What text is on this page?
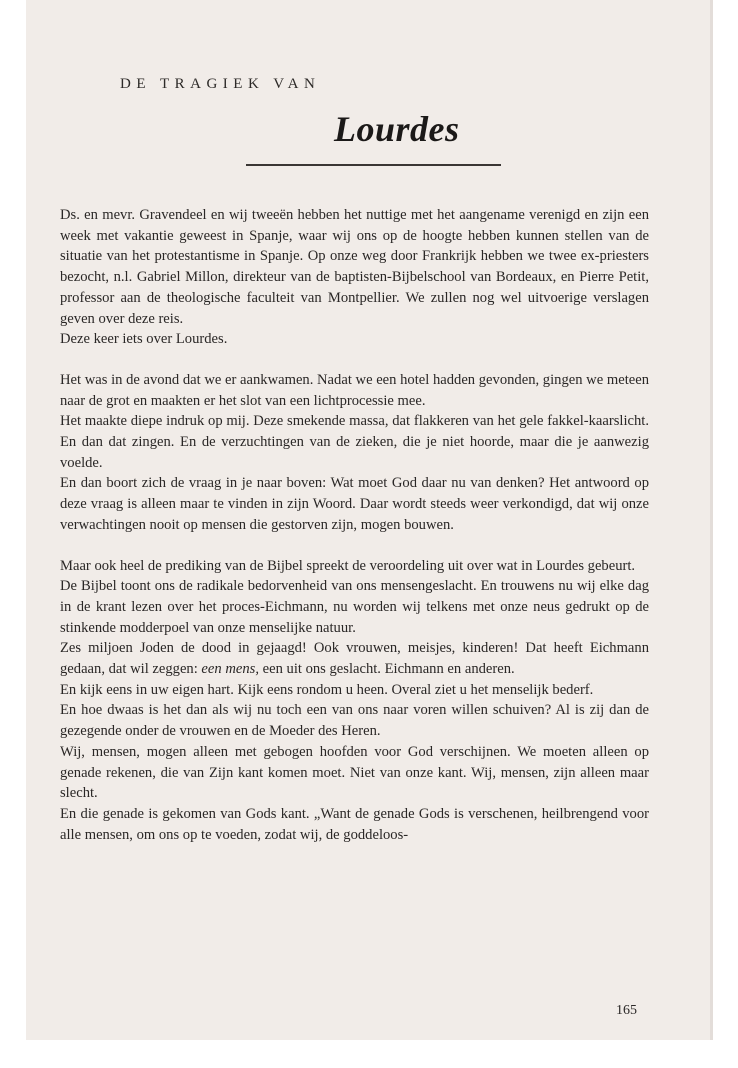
DE TRAGIEK VAN
Lourdes

Ds. en mevr. Gravendeel en wij tweeën hebben het nuttige met het aangename verenigd en zijn een week met vakantie geweest in Spanje, waar wij ons op de hoogte hebben kunnen stellen van de situatie van het protestantisme in Spanje. Op onze weg door Frankrijk hebben we twee ex-priesters bezocht, n.l. Gabriel Millon, direkteur van de baptisten-Bijbelschool van Bordeaux, en Pierre Petit, professor aan de theologische faculteit van Montpellier. We zullen nog wel uitvoerige verslagen geven over deze reis.

Deze keer iets over Lourdes.

Het was in de avond dat we er aankwamen. Nadat we een hotel hadden gevonden, gingen we meteen naar de grot en maakten er het slot van een lichtprocessie mee.

Het maakte diepe indruk op mij. Deze smekende massa, dat flakkeren van het gele fakkel-kaarslicht. En dan dat zingen. En de verzuchtingen van de zieken, die je niet hoorde, maar die je aanwezig voelde.

En dan boort zich de vraag in je naar boven: Wat moet God daar nu van denken? Het antwoord op deze vraag is alleen maar te vinden in zijn Woord. Daar wordt steeds weer verkondigd, dat wij onze verwachtingen nooit op mensen die gestorven zijn, mogen bouwen.

Maar ook heel de prediking van de Bijbel spreekt de veroordeling uit over wat in Lourdes gebeurt.

De Bijbel toont ons de radikale bedorvenheid van ons mensengeslacht. En trouwens nu wij elke dag in de krant lezen over het proces-Eichmann, nu worden wij telkens met onze neus gedrukt op de stinkende modderpoel van onze menselijke natuur.

Zes miljoen Joden de dood in gejaagd! Ook vrouwen, meisjes, kinderen! Dat heeft Eichmann gedaan, dat wil zeggen: een mens, een uit ons geslacht. Eichmann en anderen.

En kijk eens in uw eigen hart. Kijk eens rondom u heen. Overal ziet u het menselijk bederf.

En hoe dwaas is het dan als wij nu toch een van ons naar voren willen schuiven? Al is zij dan de gezegende onder de vrouwen en de Moeder des Heren.

Wij, mensen, mogen alleen met gebogen hoofden voor God verschijnen. We moeten alleen op genade rekenen, die van Zijn kant komen moet. Niet van onze kant. Wij, mensen, zijn alleen maar slecht.

En die genade is gekomen van Gods kant. „Want de genade Gods is verschenen, heilbrengend voor alle mensen, om ons op te voeden, zodat wij, de goddeloos-

165
